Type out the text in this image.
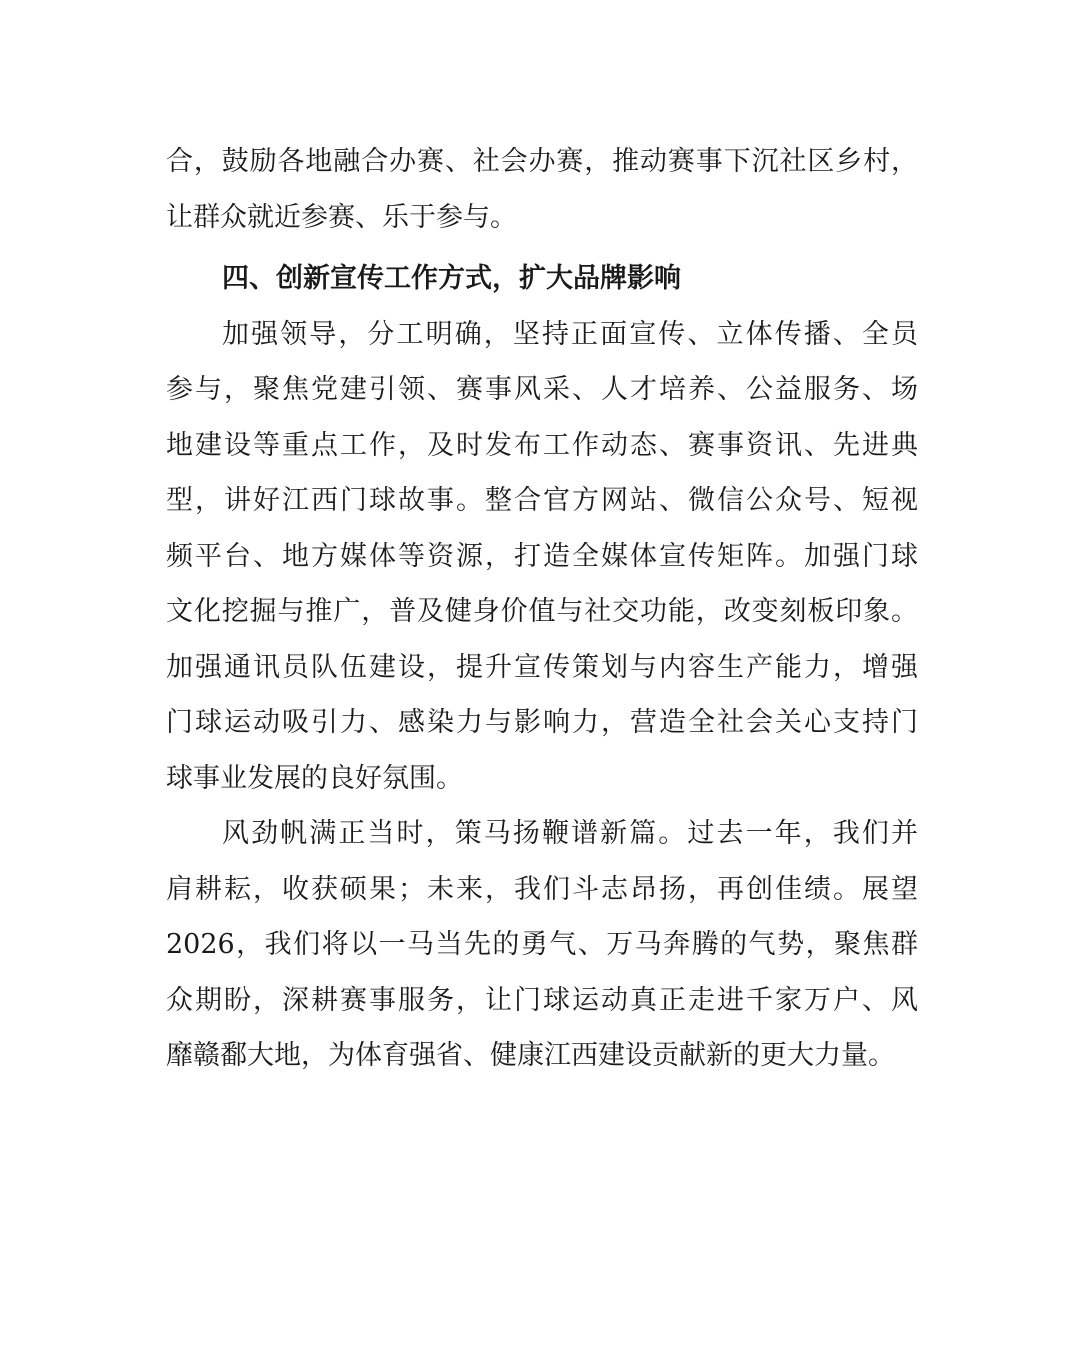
合，鼓励各地融合办赛、社会办赛，推动赛事下沉社区乡村，
让群众就近参赛、乐于参与。
四、创新宣传工作方式，扩大品牌影响
加强领导，分工明确，坚持正面宣传、立体传播、全员
参与，聚焦党建引领、赛事风采、人才培养、公益服务、场
地建设等重点工作，及时发布工作动态、赛事资讯、先进典
型，讲好江西门球故事。整合官方网站、微信公众号、短视
频平台、地方媒体等资源，打造全媒体宣传矩阵。加强门球
文化挖掘与推广，普及健身价值与社交功能，改变刻板印象。
加强通讯员队伍建设，提升宣传策划与内容生产能力，增强
门球运动吸引力、感染力与影响力，营造全社会关心支持门
球事业发展的良好氛围。
风劲帆满正当时，策马扬鞭谱新篇。过去一年，我们并
肩耕耘，收获硕果；未来，我们斗志昂扬，再创佳绩。展望
2026，我们将以一马当先的勇气、万马奔腾的气势，聚焦群
众期盼，深耕赛事服务，让门球运动真正走进千家万户、风
靡赣鄱大地，为体育强省、健康江西建设贡献新的更大力量。
